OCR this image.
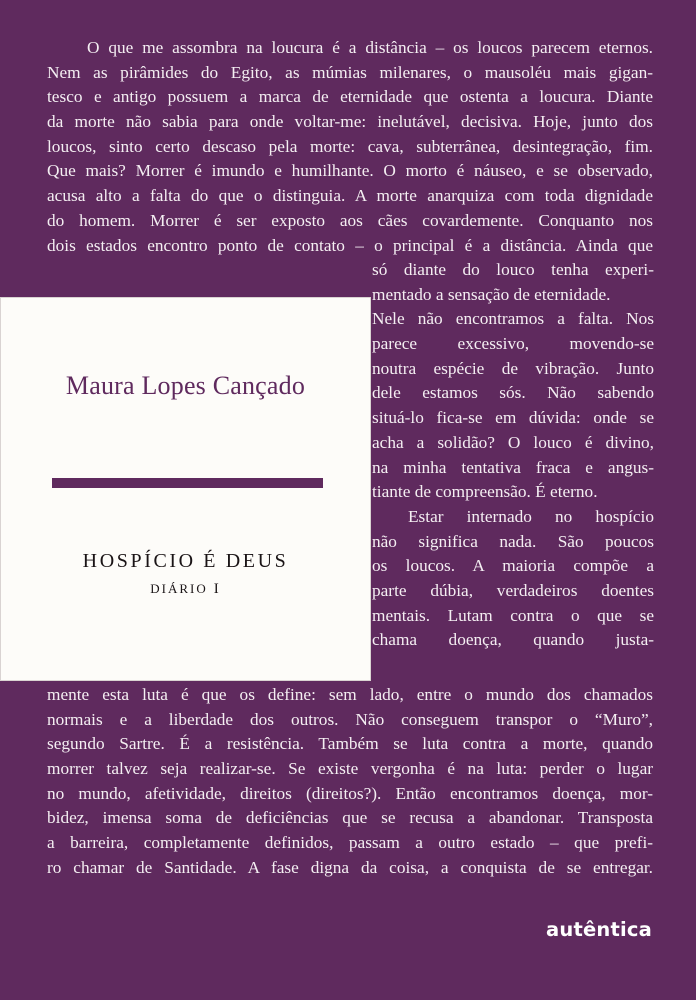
O que me assombra na loucura é a distância – os loucos parecem eternos.
Nem as pirâmides do Egito, as múmias milenares, o mausoléu mais gigan-
tesco e antigo possuem a marca de eternidade que ostenta a loucura. Diante
da morte não sabia para onde voltar-me: inelutável, decisiva. Hoje, junto dos
loucos, sinto certo descaso pela morte: cava, subterrânea, desintegração, fim.
Que mais? Morrer é imundo e humilhante. O morto é náuseo, e se observado,
acusa alto a falta do que o distinguia. A morte anarquiza com toda dignidade
do homem. Morrer é ser exposto aos cães covardemente. Conquanto nos
dois estados encontro ponto de contato – o principal é a distância. Ainda que
só diante do louco tenha experi-
mentado a sensação de eternidade.
Nele não encontramos a falta. Nos
parece excessivo, movendo-se
noutra espécie de vibração. Junto
dele estamos sós. Não sabendo
situá-lo fica-se em dúvida: onde se
acha a solidão? O louco é divino,
na minha tentativa fraca e angus-
tiante de compreensão. É eterno.
Estar internado no hospício
não significa nada. São poucos
os loucos. A maioria compõe a
parte dúbia, verdadeiros doentes
mentais. Lutam contra o que se
chama doença, quando justa-
mente esta luta é que os define: sem lado, entre o mundo dos chamados
normais e a liberdade dos outros. Não conseguem transpor o “Muro”,
segundo Sartre. É a resistência. Também se luta contra a morte, quando
morrer talvez seja realizar-se. Se existe vergonha é na luta: perder o lugar
no mundo, afetividade, direitos (direitos?). Então encontramos doença, mor-
bidez, imensa soma de deficiências que se recusa a abandonar. Transposta
a barreira, completamente definidos, passam a outro estado – que prefi-
ro chamar de Santidade. A fase digna da coisa, a conquista de se entregar.
Maura Lopes Cançado
HOSPÍCIO É DEUS
DIÁRIO I
autêntica
